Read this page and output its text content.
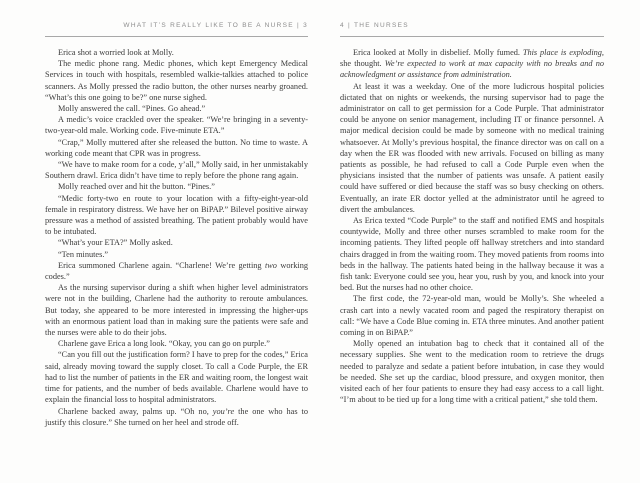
WHAT IT’S REALLY LIKE TO BE A NURSE | 3

Erica shot a worried look at Molly.

The medic phone rang. Medic phones, which kept Emergency Medical Services in touch with hospitals, resembled walkie-talkies attached to police scanners. As Molly pressed the radio button, the other nurses nearby groaned. “What’s this one going to be?” one nurse sighed.

Molly answered the call. “Pines. Go ahead.”

A medic’s voice crackled over the speaker. “We’re bringing in a seventy-two-year-old male. Working code. Five-minute ETA.”

“Crap,” Molly muttered after she released the button. No time to waste. A working code meant that CPR was in progress.

“We have to make room for a code, y’all,” Molly said, in her unmistakably Southern drawl. Erica didn’t have time to reply before the phone rang again.

Molly reached over and hit the button. “Pines.”

“Medic forty-two en route to your location with a fifty-eight-year-old female in respiratory distress. We have her on BiPAP.” Bilevel positive airway pressure was a method of assisted breathing. The patient probably would have to be intubated.

“What’s your ETA?” Molly asked.

“Ten minutes.”

Erica summoned Charlene again. “Charlene! We’re getting two working codes.”

As the nursing supervisor during a shift when higher level administrators were not in the building, Charlene had the authority to reroute ambulances. But today, she appeared to be more interested in impressing the higher-ups with an enormous patient load than in making sure the patients were safe and the nurses were able to do their jobs.

Charlene gave Erica a long look. “Okay, you can go on purple.”

“Can you fill out the justification form? I have to prep for the codes,” Erica said, already moving toward the supply closet. To call a Code Purple, the ER had to list the number of patients in the ER and waiting room, the longest wait time for patients, and the number of beds available. Charlene would have to explain the financial loss to hospital administrators.

Charlene backed away, palms up. “Oh no, you’re the one who has to justify this closure.” She turned on her heel and strode off.

4 | THE NURSES

Erica looked at Molly in disbelief. Molly fumed. This place is exploding, she thought. We’re expected to work at max capacity with no breaks and no acknowledgment or assistance from administration.

At least it was a weekday. One of the more ludicrous hospital policies dictated that on nights or weekends, the nursing supervisor had to page the administrator on call to get permission for a Code Purple. That administrator could be anyone on senior management, including IT or finance personnel. A major medical decision could be made by someone with no medical training whatsoever. At Molly’s previous hospital, the finance director was on call on a day when the ER was flooded with new arrivals. Focused on billing as many patients as possible, he had refused to call a Code Purple even when the physicians insisted that the number of patients was unsafe. A patient easily could have suffered or died because the staff was so busy checking on others. Eventually, an irate ER doctor yelled at the administrator until he agreed to divert the ambulances.

As Erica texted “Code Purple” to the staff and notified EMS and hospitals countywide, Molly and three other nurses scrambled to make room for the incoming patients. They lifted people off hallway stretchers and into standard chairs dragged in from the waiting room. They moved patients from rooms into beds in the hallway. The patients hated being in the hallway because it was a fish tank: Everyone could see you, hear you, rush by you, and knock into your bed. But the nurses had no other choice.

The first code, the 72-year-old man, would be Molly’s. She wheeled a crash cart into a newly vacated room and paged the respiratory therapist on call: “We have a Code Blue coming in. ETA three minutes. And another patient coming in on BiPAP.”

Molly opened an intubation bag to check that it contained all of the necessary supplies. She went to the medication room to retrieve the drugs needed to paralyze and sedate a patient before intubation, in case they would be needed. She set up the cardiac, blood pressure, and oxygen monitor, then visited each of her four patients to ensure they had easy access to a call light. “I’m about to be tied up for a long time with a critical patient,” she told them.
